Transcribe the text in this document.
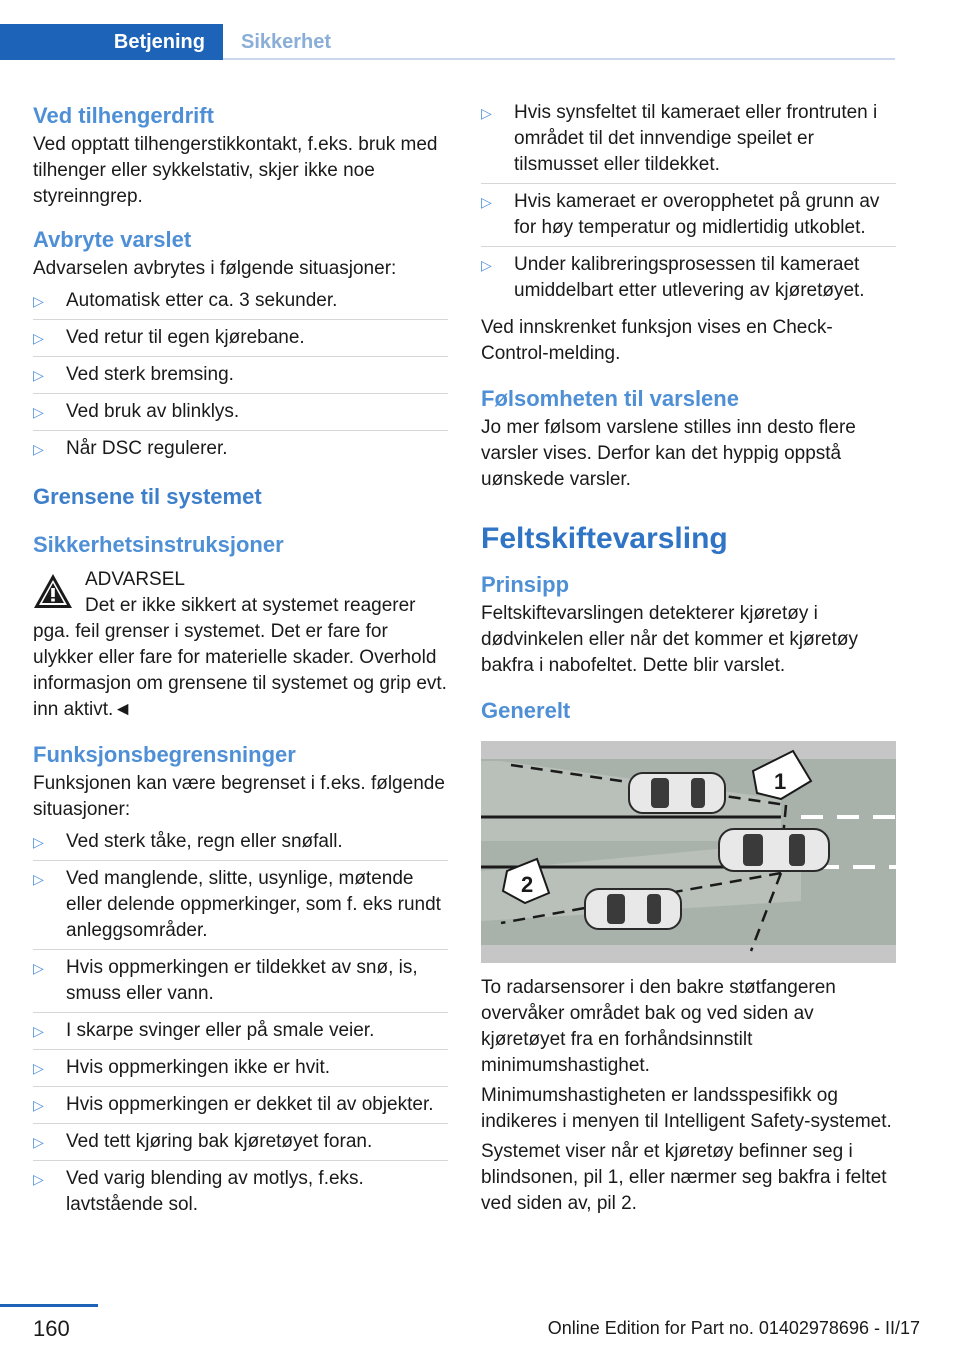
Betjening	Sikkerhet
Ved tilhengerdrift

Ved opptatt tilhengerstikkontakt, f.eks. bruk med tilhenger eller sykkelstativ, skjer ikke noe styreinngrep.

Avbryte varslet

Advarselen avbrytes i følgende situasjoner:

▷ Automatisk etter ca. 3 sekunder.
▷ Ved retur til egen kjørebane.
▷ Ved sterk bremsing.
▷ Ved bruk av blinklys.
▷ Når DSC regulerer.
Grensene til systemet
Sikkerhetsinstruksjoner

ADVARSEL

Det er ikke sikkert at systemet reagerer pga. feil grenser i systemet. Det er fare for ulykker eller fare for materielle skader. Overhold informasjon om grensene til systemet og grip evt. inn aktivt.◄

Funksjonsbegrensninger

Funksjonen kan være begrenset i f.eks. følgende situasjoner:

▷ Ved sterk tåke, regn eller snøfall.
▷ Ved manglende, slitte, usynlige, møtende eller delende oppmerkinger, som f. eks rundt anleggsområder.
▷ Hvis oppmerkingen er tildekket av snø, is, smuss eller vann.
▷ I skarpe svinger eller på smale veier.
▷ Hvis oppmerkingen ikke er hvit.
▷ Hvis oppmerkingen er dekket til av objekter.
▷ Ved tett kjøring bak kjøretøyet foran.
▷ Ved varig blending av motlys, f.eks. lavtstående sol.
▷ Hvis synsfeltet til kameraet eller frontruten i området til det innvendige speilet er tilsmusset eller tildekket.
▷ Hvis kameraet er overopphetet på grunn av for høy temperatur og midlertidig utkoblet.
▷ Under kalibreringsprosessen til kameraet umiddelbart etter utlevering av kjøretøyet.

Ved innskrenket funksjon vises en Check-Control-melding.

Følsomheten til varslene

Jo mer følsom varslene stilles inn desto flere varsler vises. Derfor kan det hyppig oppstå uønskede varsler.

Feltskiftevarsling
Prinsipp

Feltskiftevarslingen detekterer kjøretøy i dødvinkelen eller når det kommer et kjøretøy bakfra i nabofeltet. Dette blir varslet.

Generelt
1
2

To radarsensorer i den bakre støtfangeren overvåker området bak og ved siden av kjøretøyet fra en forhåndsinnstilt minimumshastighet.

Minimumshastigheten er landsspesifikk og indikeres i menyen til Intelligent Safety-systemet.

Systemet viser når et kjøretøy befinner seg i blindsonen, pil 1, eller nærmer seg bakfra i feltet ved siden av, pil 2.

160	Online Edition for Part no. 01402978696 - II/17
